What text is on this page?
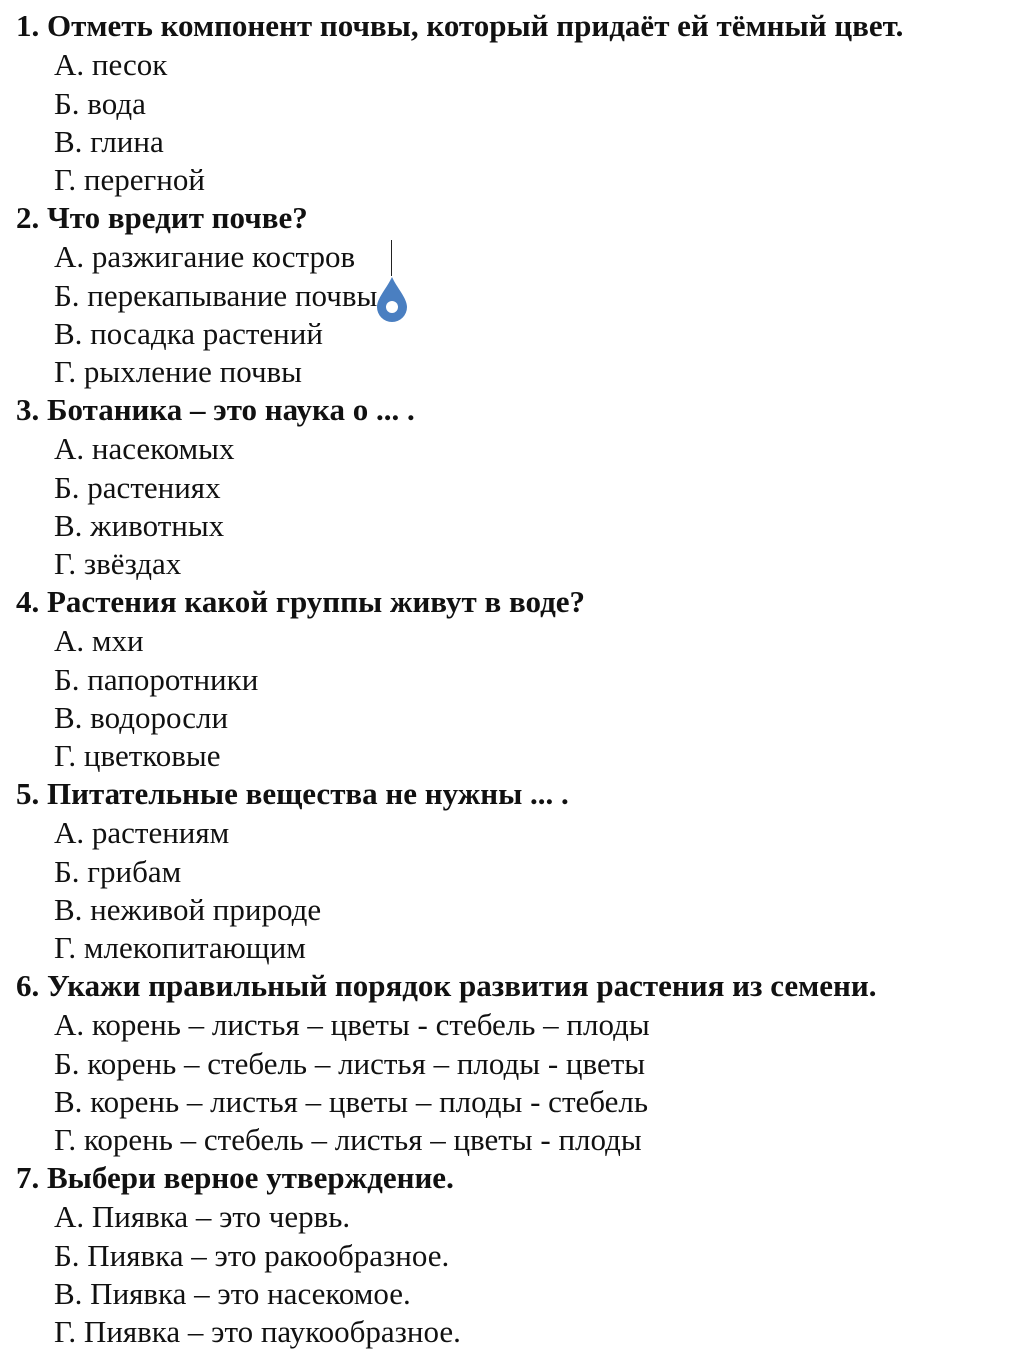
1. Отметь компонент почвы, который придаёт ей тёмный цвет.
А. песок
Б. вода
В. глина
Г. перегной
2. Что вредит почве?
А. разжигание костров
Б. перекапывание почвы
В. посадка растений
Г. рыхление почвы
3. Ботаника – это наука о ... .
А. насекомых
Б. растениях
В. животных
Г. звёздах
4. Растения какой группы живут в воде?
А. мхи
Б. папоротники
В. водоросли
Г. цветковые
5. Питательные вещества не нужны ... .
А. растениям
Б. грибам
В. неживой природе
Г. млекопитающим
6. Укажи правильный порядок развития растения из семени.
А. корень – листья – цветы - стебель – плоды
Б. корень – стебель – листья – плоды - цветы
В. корень – листья – цветы – плоды - стебель
Г. корень – стебель – листья – цветы - плоды
7. Выбери верное утверждение.
А. Пиявка – это червь.
Б. Пиявка – это ракообразное.
В. Пиявка – это насекомое.
Г. Пиявка – это паукообразное.
